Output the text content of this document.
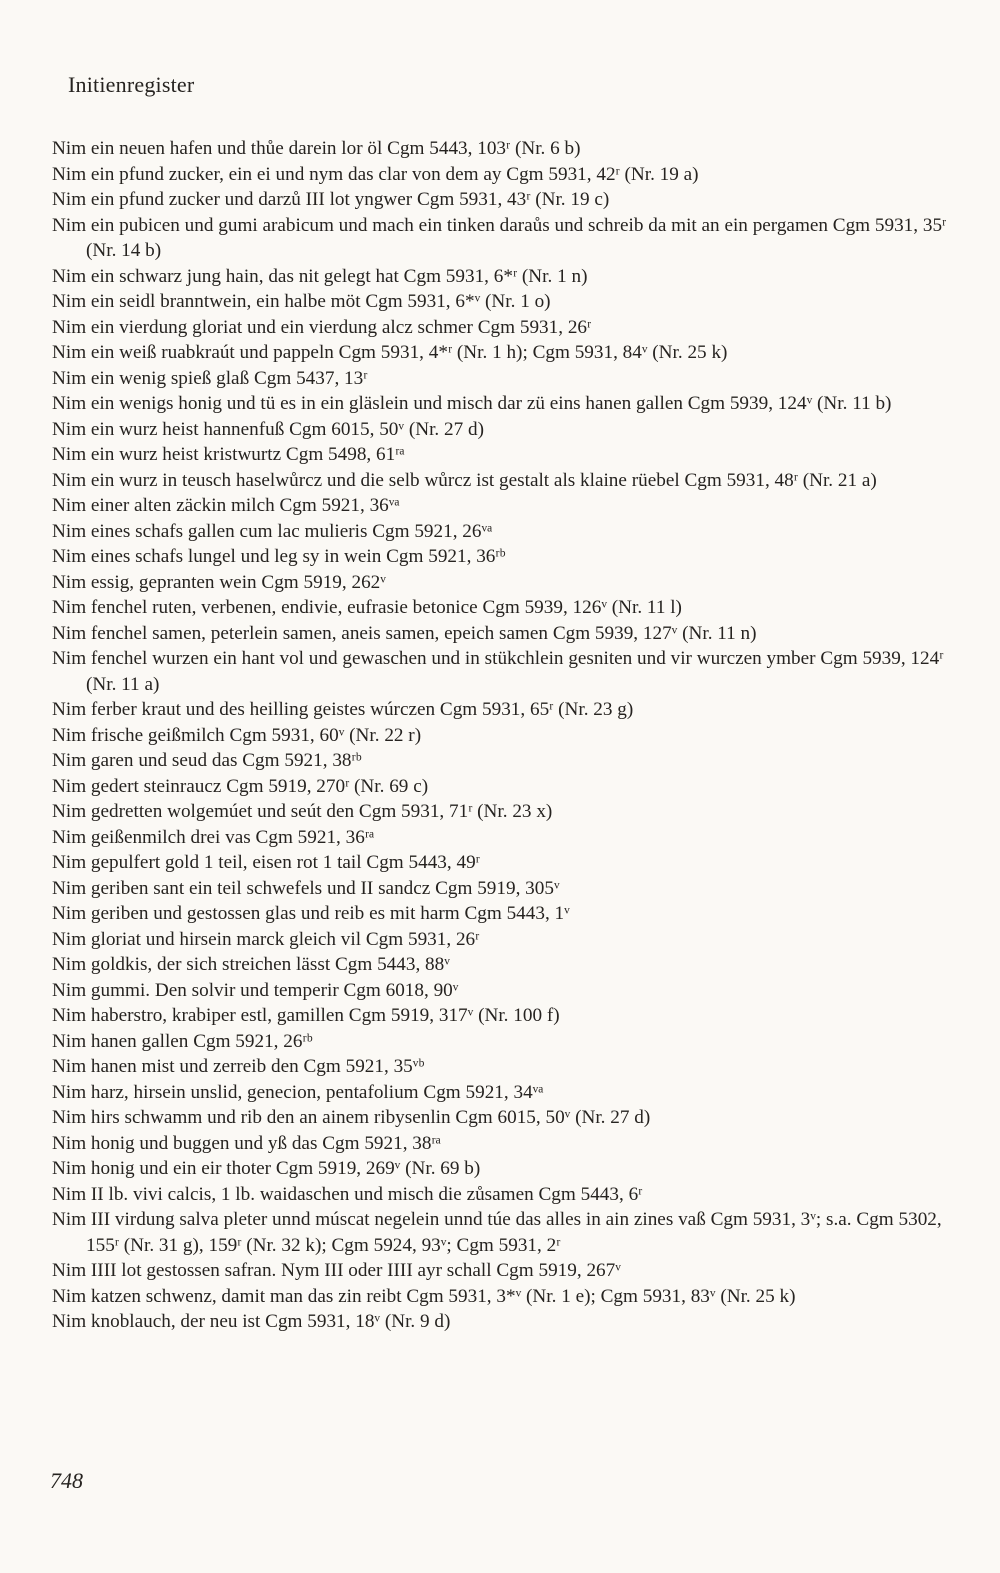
Initienregister
Nim ein neuen hafen und thůe darein lor öl Cgm 5443, 103ʳ (Nr. 6 b)
Nim ein pfund zucker, ein ei und nym das clar von dem ay Cgm 5931, 42ʳ (Nr. 19 a)
Nim ein pfund zucker und darzů III lot yngwer Cgm 5931, 43ʳ (Nr. 19 c)
Nim ein pubicen und gumi arabicum und mach ein tinken daraůs und schreib da mit an ein pergamen Cgm 5931, 35ʳ (Nr. 14 b)
Nim ein schwarz jung hain, das nit gelegt hat Cgm 5931, 6*ʳ (Nr. 1 n)
Nim ein seidl branntwein, ein halbe möt Cgm 5931, 6*ᵛ (Nr. 1 o)
Nim ein vierdung gloriat und ein vierdung alcz schmer Cgm 5931, 26ʳ
Nim ein weiß ruabkraút und pappeln Cgm 5931, 4*ʳ (Nr. 1 h); Cgm 5931, 84ᵛ (Nr. 25 k)
Nim ein wenig spieß glaß Cgm 5437, 13ʳ
Nim ein wenigs honig und tü es in ein gläslein und misch dar zü eins hanen gallen Cgm 5939, 124ᵛ (Nr. 11 b)
Nim ein wurz heist hannenfuß Cgm 6015, 50ᵛ (Nr. 27 d)
Nim ein wurz heist kristwurtz Cgm 5498, 61ʳᵃ
Nim ein wurz in teusch haselwůrcz und die selb wůrcz ist gestalt als klaine rüebel Cgm 5931, 48ʳ (Nr. 21 a)
Nim einer alten zäckin milch Cgm 5921, 36ᵛᵃ
Nim eines schafs gallen cum lac mulieris Cgm 5921, 26ᵛᵃ
Nim eines schafs lungel und leg sy in wein Cgm 5921, 36ʳᵇ
Nim essig, gepranten wein Cgm 5919, 262ᵛ
Nim fenchel ruten, verbenen, endivie, eufrasie betonice Cgm 5939, 126ᵛ (Nr. 11 l)
Nim fenchel samen, peterlein samen, aneis samen, epeich samen Cgm 5939, 127ᵛ (Nr. 11 n)
Nim fenchel wurzen ein hant vol und gewaschen und in stükchlein gesniten und vir wurczen ymber Cgm 5939, 124ʳ (Nr. 11 a)
Nim ferber kraut und des heilling geistes wúrczen Cgm 5931, 65ʳ (Nr. 23 g)
Nim frische geißmilch Cgm 5931, 60ᵛ (Nr. 22 r)
Nim garen und seud das Cgm 5921, 38ʳᵇ
Nim gedert steinraucz Cgm 5919, 270ʳ (Nr. 69 c)
Nim gedretten wolgemúet und seút den Cgm 5931, 71ʳ (Nr. 23 x)
Nim geißenmilch drei vas Cgm 5921, 36ʳᵃ
Nim gepulfert gold 1 teil, eisen rot 1 tail Cgm 5443, 49ʳ
Nim geriben sant ein teil schwefels und II sandcz Cgm 5919, 305ᵛ
Nim geriben und gestossen glas und reib es mit harm Cgm 5443, 1ᵛ
Nim gloriat und hirsein marck gleich vil Cgm 5931, 26ʳ
Nim goldkis, der sich streichen lässt Cgm 5443, 88ᵛ
Nim gummi. Den solvir und temperir Cgm 6018, 90ᵛ
Nim haberstro, krabiper estl, gamillen Cgm 5919, 317ᵛ (Nr. 100 f)
Nim hanen gallen Cgm 5921, 26ʳᵇ
Nim hanen mist und zerreib den Cgm 5921, 35ᵛᵇ
Nim harz, hirsein unslid, genecion, pentafolium Cgm 5921, 34ᵛᵃ
Nim hirs schwamm und rib den an ainem ribysenlin Cgm 6015, 50ᵛ (Nr. 27 d)
Nim honig und buggen und yß das Cgm 5921, 38ʳᵃ
Nim honig und ein eir thoter Cgm 5919, 269ᵛ (Nr. 69 b)
Nim II lb. vivi calcis, 1 lb. waidaschen und misch die zůsamen Cgm 5443, 6ʳ
Nim III virdung salva pleter unnd múscat negelein unnd túe das alles in ain zines vaß Cgm 5931, 3ᵛ; s.a. Cgm 5302, 155ʳ (Nr. 31 g), 159ʳ (Nr. 32 k); Cgm 5924, 93ᵛ; Cgm 5931, 2ʳ
Nim IIII lot gestossen safran. Nym III oder IIII ayr schall Cgm 5919, 267ᵛ
Nim katzen schwenz, damit man das zin reibt Cgm 5931, 3*ᵛ (Nr. 1 e); Cgm 5931, 83ᵛ (Nr. 25 k)
Nim knoblauch, der neu ist Cgm 5931, 18ᵛ (Nr. 9 d)
748
